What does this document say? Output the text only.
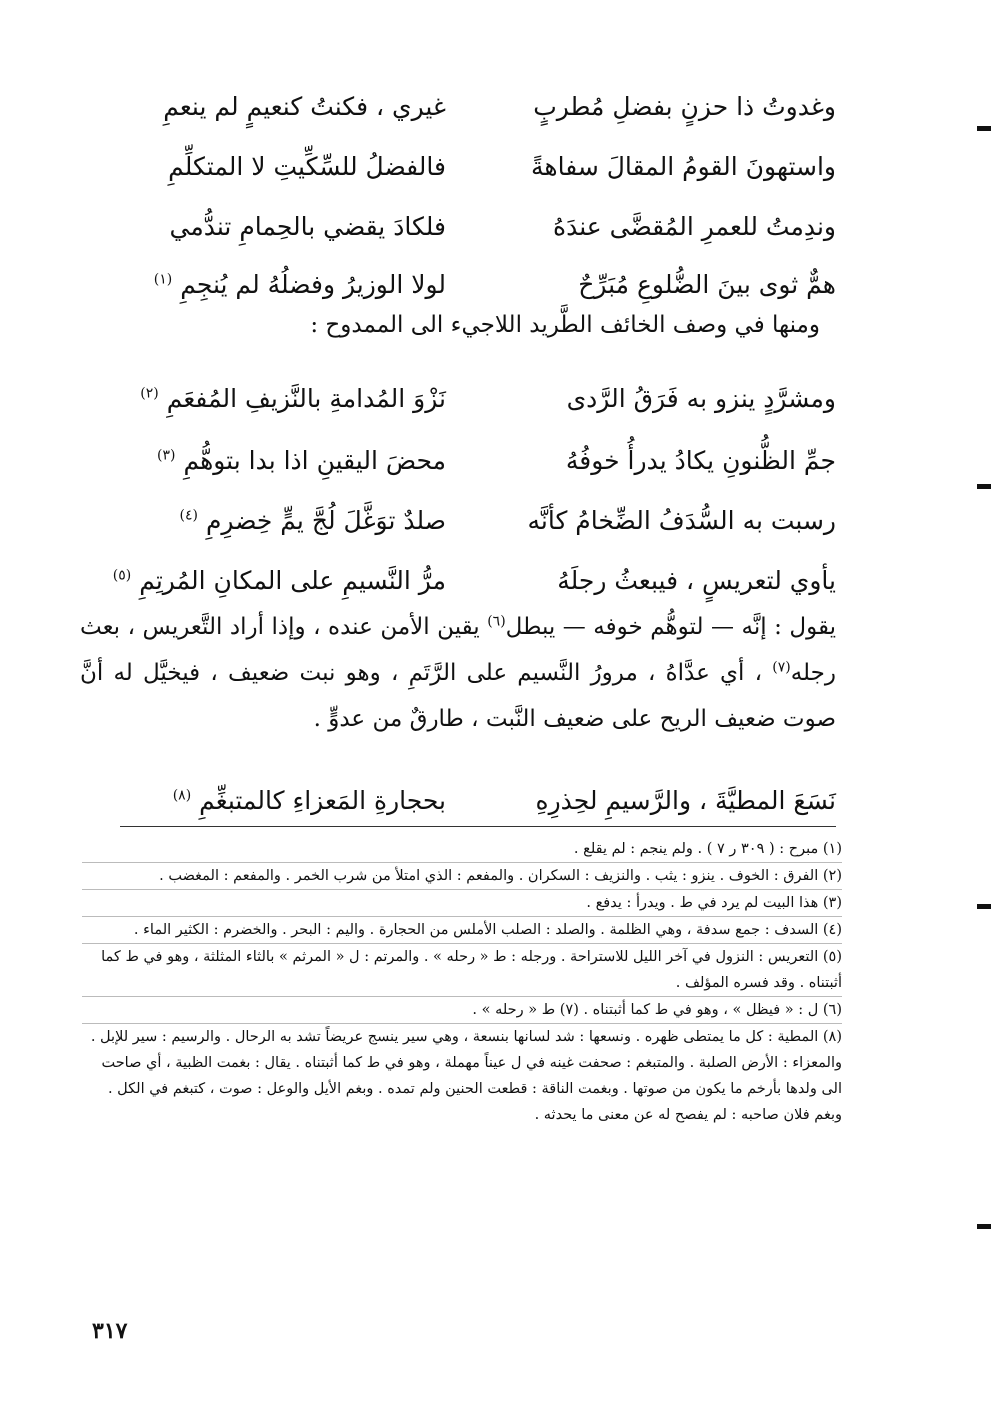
وغدوتُ ذا حزنٍ بفضلِ مُطربٍ
غيري ، فكنتُ كنعيمٍ لم ينعمِ
واستهونَ القومُ المقالَ سفاهةً
فالفضلُ للسِّكِّيتِ لا المتكلِّمِ
وندِمتُ للعمرِ المُقضَّى عندَهُ
فلكادَ يقضي بالحِمامِ تندُّمي
همٌّ ثوى بينَ الضُّلوعِ مُبَرِّحٌ
لولا الوزيرُ وفضلُهُ لم يُنجِمِ $^{(١)}$
ومنها في وصف الخائف الطَّريد اللاجيء الى الممدوح :
ومشرَّدٍ ينزو به فَرَقُ الرَّدى
نَزْوَ المُدامةِ بالنَّزيفِ المُفعَمِ $^{(٢)}$
جمِّ الظُّنونِ يكادُ يدرأُ خوفُهُ
محضَ اليقينِ اذا بدا بتوهُّمِ $^{(٣)}$
رسبت به السُّدَفُ الضِّخامُ كأنَّه
صلدٌ توَغَّلَ لُجَّ يمٍّ خِضرِمِ $^{(٤)}$
يأوي لتعريسٍ ، فيبعثُ رجلَهُ
مرُّ النَّسيمِ على المكانِ المُرتِمِ $^{(٥)}$
يقول : إنَّه — لتوهُّم خوفه — يبطل$^{(٦)}$ يقين الأمن عنده ، وإذا أراد التَّعريس ، بعث رجله$^{(٧)}$ ، أي عدَّاهُ ، مرورُ النَّسيم على الرَّتَمِ ، وهو نبت ضعيف ، فيخيَّل له أنَّ صوت ضعيف الريح على ضعيف النَّبت ، طارقٌ من عدوٍّ .
نَسَعَ المطيَّةَ ، والرَّسيمِ لحِذرِهِ
بحجارةِ المَعزاءِ كالمتبغِّمِ $^{(٨)}$

(١) مبرح : ( ٣٠٩ ر ٧ ) . ولم ينجم : لم يقلع .

(٢) الفرق : الخوف . ينزو : يثب . والنزيف : السكران . والمفعم : الذي امتلأ من شرب الخمر . والمفعم : المغضب .

(٣) هذا البيت لم يرد في ط . ويدرأ : يدفع .

(٤) السدف : جمع سدفة ، وهي الظلمة . والصلد : الصلب الأملس من الحجارة . واليم : البحر . والخضرم : الكثير الماء .

(٥) التعريس : النزول في آخر الليل للاستراحة . ورجله : ط « رحله » . والمرتم : ل « المرثم » بالثاء المثلثة ، وهو في ط كما أثبتناه . وقد فسره المؤلف .

(٦) ل : « فيظل » ، وهو في ط كما أثبتناه . (٧) ط « رحله » .

(٨) المطية : كل ما يمتطى ظهره . ونسعها : شد لسانها بنسعة ، وهي سير ينسج عريضاً تشد به الرحال . والرسيم : سير للإبل . والمعزاء : الأرض الصلبة . والمتبغم : صحفت غينه في ل عيناً مهملة ، وهو في ط كما أثبتناه . يقال : بغمت الظبية ، أي صاحت الى ولدها بأرخم ما يكون من صوتها . وبغمت الناقة : قطعت الحنين ولم تمده . وبغم الأيل والوعل : صوت ، كتبغم في الكل . وبغم فلان صاحبه : لم يفصح له عن معنى ما يحدثه .

٣١٧
